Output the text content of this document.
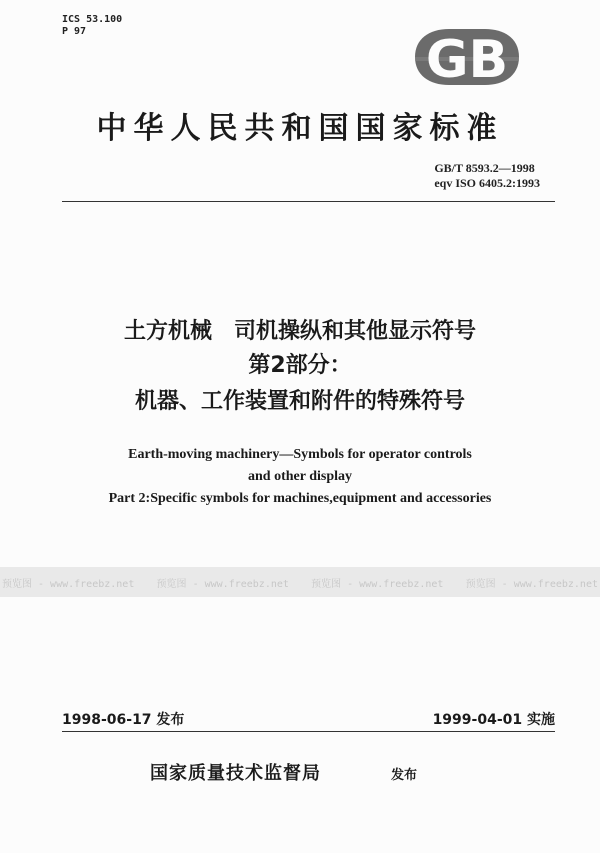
ICS 53.100
P 97	GB
中华人民共和国国家标准
GB/T 8593.2—1998
eqv ISO 6405.2:1993
土方机械　司机操纵和其他显示符号
第2部分：
机器、工作装置和附件的特殊符号
Earth-moving machinery—Symbols for operator controls
and other display
Part 2:Specific symbols for machines,equipment and accessories
预览图 - www.freebz.net 预览图 - www.freebz.net 预览图 - www.freebz.net 预览图 - www.freebz.net
1998-06-17 发布	1999-04-01 实施
国家质量技术监督局	发布
